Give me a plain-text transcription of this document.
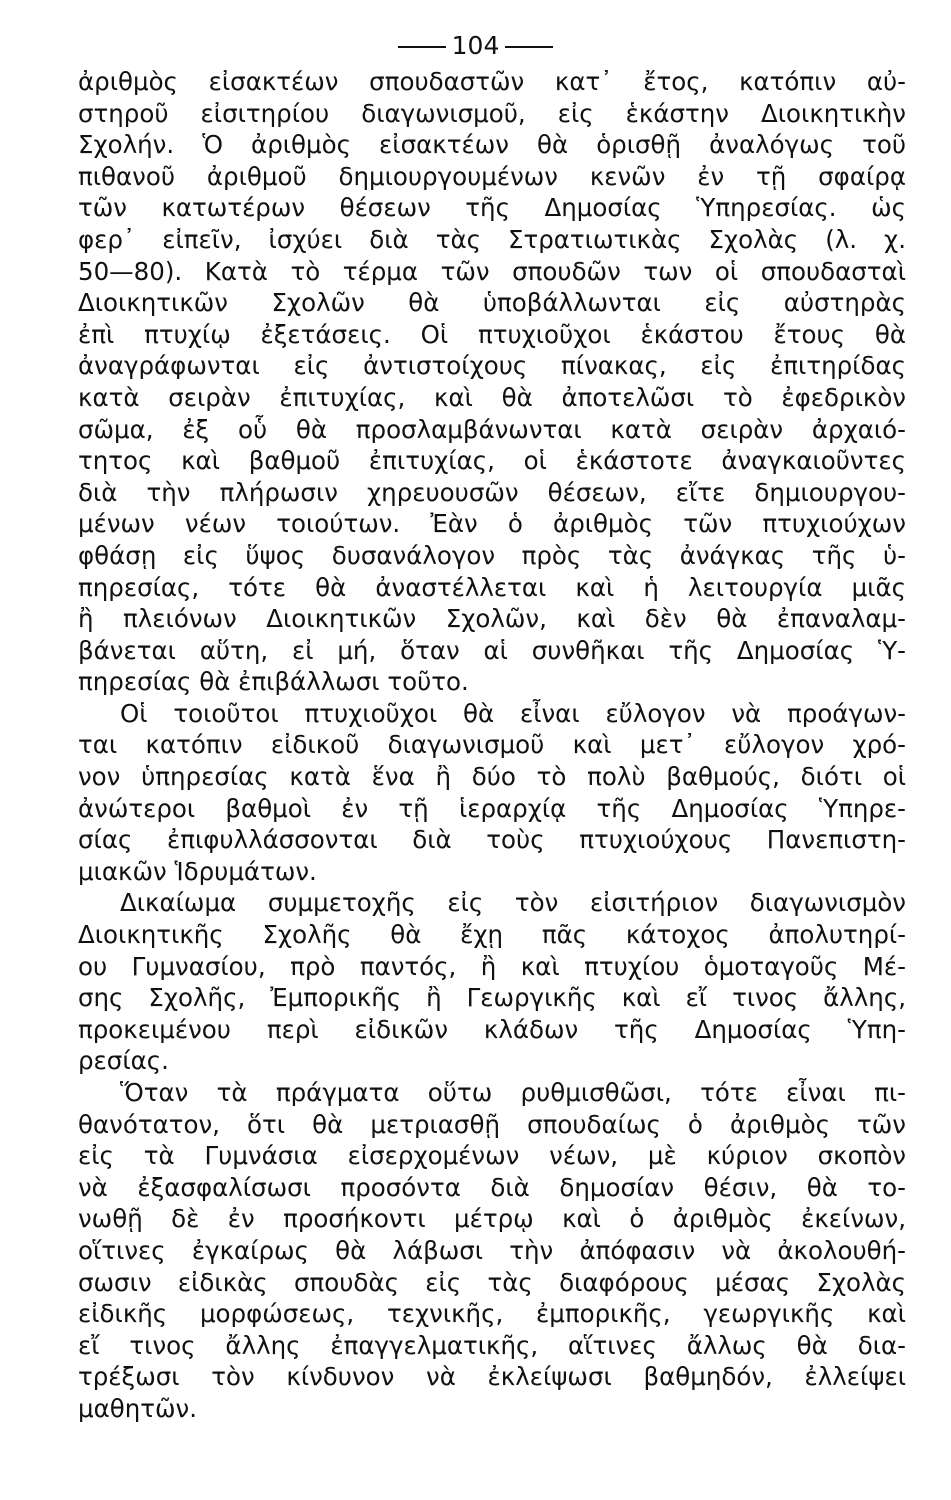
104
ἀριθμὸς εἰσακτέων σπουδαστῶν κατ᾽ ἔτος, κατόπιν αὐ-
στηροῦ εἰσιτηρίου διαγωνισμοῦ, εἰς ἑκάστην Διοικητικὴν
Σχολήν. Ὁ ἀριθμὸς εἰσακτέων θὰ ὁρισθῇ ἀναλόγως τοῦ
πιθανοῦ ἀριθμοῦ δημιουργουμένων κενῶν ἐν τῇ σφαίρᾳ
τῶν κατωτέρων θέσεων τῆς Δημοσίας Ὑπηρεσίας. ὡς
φερ᾽ εἰπεῖν, ἰσχύει διὰ τὰς Στρατιωτικὰς Σχολὰς (λ. χ.
50—80). Κατὰ τὸ τέρμα τῶν σπουδῶν των οἱ σπουδασταὶ
Διοικητικῶν Σχολῶν θὰ ὑποβάλλωνται εἰς αὐστηρὰς
ἐπὶ πτυχίῳ ἐξετάσεις. Οἱ πτυχιοῦχοι ἑκάστου ἔτους θὰ
ἀναγράφωνται εἰς ἀντιστοίχους πίνακας, εἰς ἐπιτηρίδας
κατὰ σειρὰν ἐπιτυχίας, καὶ θὰ ἀποτελῶσι τὸ ἐφεδρικὸν
σῶμα, ἐξ οὗ θὰ προσλαμβάνωνται κατὰ σειρὰν ἀρχαιό-
τητος καὶ βαθμοῦ ἐπιτυχίας, οἱ ἑκάστοτε ἀναγκαιοῦντες
διὰ τὴν πλήρωσιν χηρευουσῶν θέσεων, εἴτε δημιουργου-
μένων νέων τοιούτων. Ἐὰν ὁ ἀριθμὸς τῶν πτυχιούχων
φθάσῃ εἰς ὕψος δυσανάλογον πρὸς τὰς ἀνάγκας τῆς ὑ-
πηρεσίας, τότε θὰ ἀναστέλλεται καὶ ἡ λειτουργία μιᾶς
ἢ πλειόνων Διοικητικῶν Σχολῶν, καὶ δὲν θὰ ἐπαναλαμ-
βάνεται αὕτη, εἰ μή, ὅταν αἱ συνθῆκαι τῆς Δημοσίας Ὑ-
πηρεσίας θὰ ἐπιβάλλωσι τοῦτο.
Οἱ τοιοῦτοι πτυχιοῦχοι θὰ εἶναι εὔλογον νὰ προάγων-
ται κατόπιν εἰδικοῦ διαγωνισμοῦ καὶ μετ᾽ εὔλογον χρό-
νον ὑπηρεσίας κατὰ ἕνα ἢ δύο τὸ πολὺ βαθμούς, διότι οἱ
ἀνώτεροι βαθμοὶ ἐν τῇ ἱεραρχίᾳ τῆς Δημοσίας Ὑπηρε-
σίας ἐπιφυλλάσσονται διὰ τοὺς πτυχιούχους Πανεπιστη-
μιακῶν Ἱδρυμάτων.
Δικαίωμα συμμετοχῆς εἰς τὸν εἰσιτήριον διαγωνισμὸν
Διοικητικῆς Σχολῆς θὰ ἔχῃ πᾶς κάτοχος ἀπολυτηρί-
ου Γυμνασίου, πρὸ παντός, ἢ καὶ πτυχίου ὁμοταγοῦς Μέ-
σης Σχολῆς, Ἐμπορικῆς ἢ Γεωργικῆς καὶ εἴ τινος ἄλλης,
προκειμένου περὶ εἰδικῶν κλάδων τῆς Δημοσίας Ὑπη-
ρεσίας.
Ὅταν τὰ πράγματα οὕτω ρυθμισθῶσι, τότε εἶναι πι-
θανότατον, ὅτι θὰ μετριασθῇ σπουδαίως ὁ ἀριθμὸς τῶν
εἰς τὰ Γυμνάσια εἰσερχομένων νέων, μὲ κύριον σκοπὸν
νὰ ἐξασφαλίσωσι προσόντα διὰ δημοσίαν θέσιν, θὰ το-
νωθῇ δὲ ἐν προσήκοντι μέτρῳ καὶ ὁ ἀριθμὸς ἐκείνων,
οἵτινες ἐγκαίρως θὰ λάβωσι τὴν ἀπόφασιν νὰ ἀκολουθή-
σωσιν εἰδικὰς σπουδὰς εἰς τὰς διαφόρους μέσας Σχολὰς
εἰδικῆς μορφώσεως, τεχνικῆς, ἐμπορικῆς, γεωργικῆς καὶ
εἴ τινος ἄλλης ἐπαγγελματικῆς, αἵτινες ἄλλως θὰ δια-
τρέξωσι τὸν κίνδυνον νὰ ἐκλείψωσι βαθμηδόν, ἐλλείψει
μαθητῶν.
